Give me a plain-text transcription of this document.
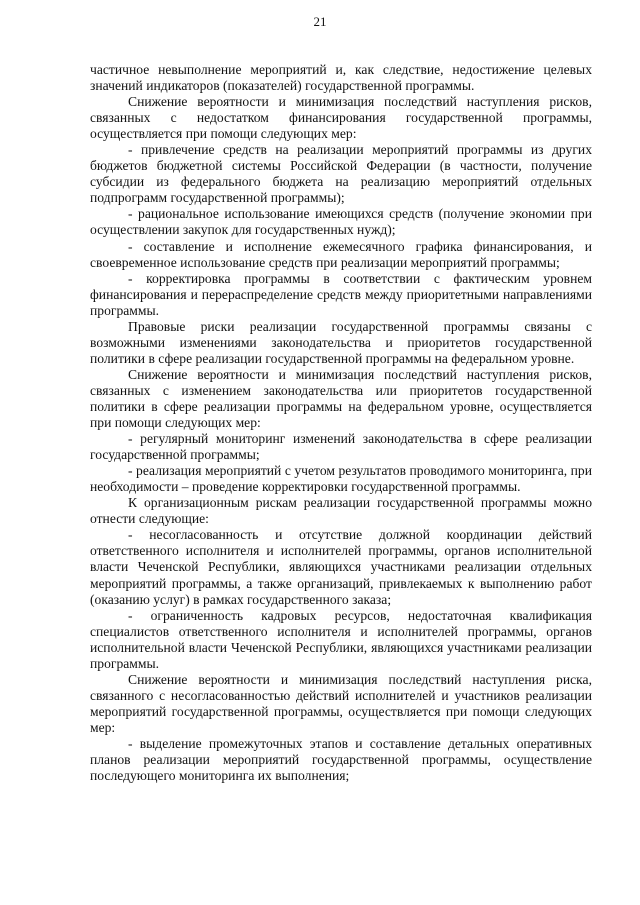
21

частичное невыполнение мероприятий и, как следствие, недостижение целевых значений индикаторов (показателей) государственной программы.

Снижение вероятности и минимизация последствий наступления рисков, связанных с недостатком финансирования государственной программы, осуществляется при помощи следующих мер:

- привлечение средств на реализации мероприятий программы из других бюджетов бюджетной системы Российской Федерации (в частности, получение субсидии из федерального бюджета на реализацию мероприятий отдельных подпрограмм государственной программы);

- рациональное использование имеющихся средств (получение экономии при осуществлении закупок для государственных нужд);

- составление и исполнение ежемесячного графика финансирования, и своевременное использование средств при реализации мероприятий программы;

- корректировка программы в соответствии с фактическим уровнем финансирования и перераспределение средств между приоритетными направлениями программы.

Правовые риски реализации государственной программы связаны с возможными изменениями законодательства и приоритетов государственной политики в сфере реализации государственной программы на федеральном уровне.

Снижение вероятности и минимизация последствий наступления рисков, связанных с изменением законодательства или приоритетов государственной политики в сфере реализации программы на федеральном уровне, осуществляется при помощи следующих мер:

- регулярный мониторинг изменений законодательства в сфере реализации государственной программы;

- реализация мероприятий с учетом результатов проводимого мониторинга, при необходимости – проведение корректировки государственной программы.

К организационным рискам реализации государственной программы можно отнести следующие:

- несогласованность и отсутствие должной координации действий ответственного исполнителя и исполнителей программы, органов исполнительной власти Чеченской Республики, являющихся участниками реализации отдельных мероприятий программы, а также организаций, привлекаемых к выполнению работ (оказанию услуг) в рамках государственного заказа;

- ограниченность кадровых ресурсов, недостаточная квалификация специалистов ответственного исполнителя и исполнителей программы, органов исполнительной власти Чеченской Республики, являющихся участниками реализации программы.

Снижение вероятности и минимизация последствий наступления риска, связанного с несогласованностью действий исполнителей и участников реализации мероприятий государственной программы, осуществляется при помощи следующих мер:

- выделение промежуточных этапов и составление детальных оперативных планов реализации мероприятий государственной программы, осуществление последующего мониторинга их выполнения;
